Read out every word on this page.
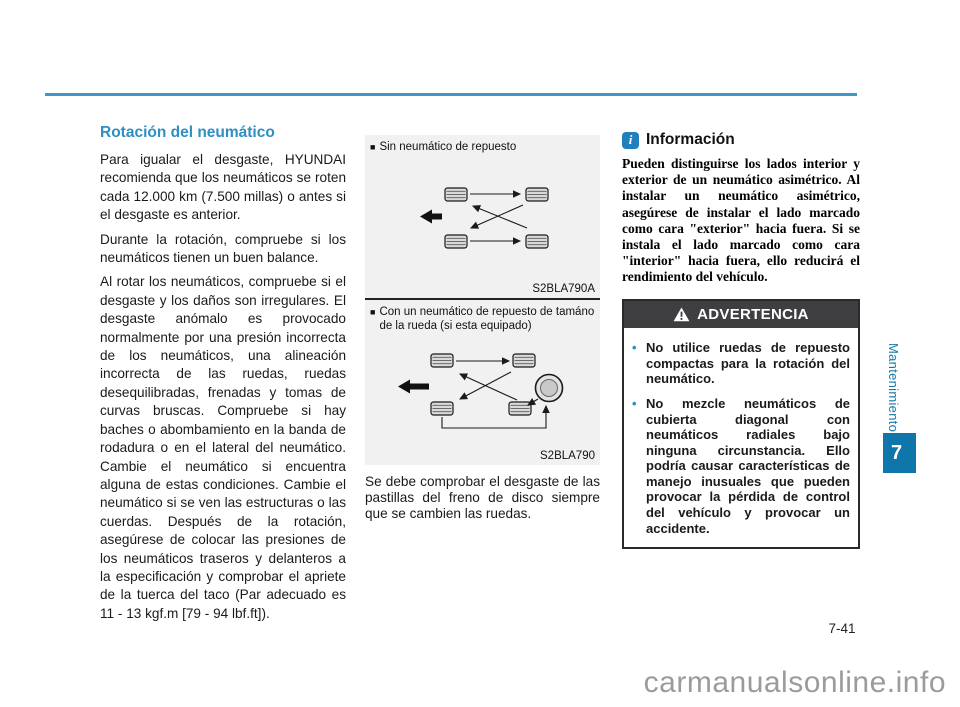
Rotación del neumático

Para igualar el desgaste, HYUNDAI recomienda que los neumáticos se roten cada 12.000 km (7.500 millas) o antes si el desgaste es anterior.

Durante la rotación, compruebe si los neumáticos tienen un buen balance.

Al rotar los neumáticos, compruebe si el desgaste y los daños son irregulares. El desgaste anómalo es provocado normalmente por una presión incorrecta de los neumáticos, una alineación incorrecta de las ruedas, ruedas desequilibradas, frenadas y tomas de curvas bruscas. Compruebe si hay baches o abombamiento en la banda de rodadura o en el lateral del neumático. Cambie el neumático si encuentra alguna de estas condiciones. Cambie el neumático si se ven las estructuras o las cuerdas. Después de la rotación, asegúrese de colocar las presiones de los neumáticos traseros y delanteros a la especificación y comprobar el apriete de la tuerca del taco (Par adecuado es 11 - 13 kgf.m [79 - 94 lbf.ft]).

■ Sin neumático de repuesto
S2BLA790A
■ Con un neumático de repuesto de tamáno de la rueda (si esta equipado)
S2BLA790

Se debe comprobar el desgaste de las pastillas del freno de disco siempre que se cambien las ruedas.

i Información

Pueden distinguirse los lados interior y exterior de un neumático asimétrico. Al instalar un neumático asimétrico, asegúrese de instalar el lado marcado como cara "exterior" hacia fuera. Si se instala el lado marcado como cara "interior" hacia fuera, ello reducirá el rendimiento del vehículo.

ADVERTENCIA
• No utilice ruedas de repuesto compactas para la rotación del neumático.
• No mezcle neumáticos de cubierta diagonal con neumáticos radiales bajo ninguna circunstancia. Ello podría causar características de manejo inusuales que pueden provocar la pérdida de control del vehículo y provocar un accidente.
Mantenimiento
7
7-41
carmanualsonline.info
